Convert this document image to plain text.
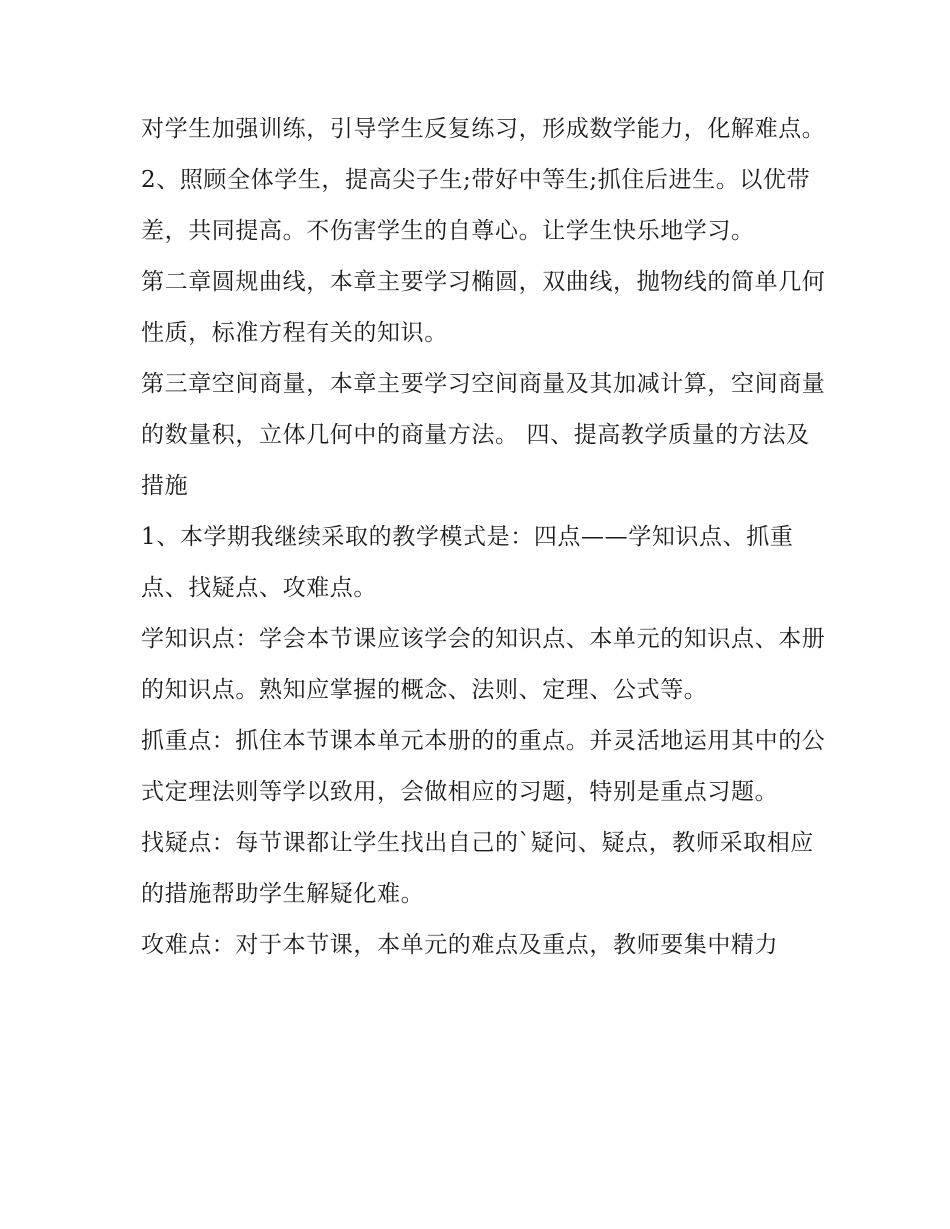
对学生加强训练，引导学生反复练习，形成数学能力，化解难点。

2、照顾全体学生，提高尖子生;带好中等生;抓住后进生。以优带差，共同提高。不伤害学生的自尊心。让学生快乐地学习。

第二章圆规曲线，本章主要学习椭圆，双曲线，抛物线的简单几何性质，标准方程有关的知识。

第三章空间商量，本章主要学习空间商量及其加减计算，空间商量的数量积，立体几何中的商量方法。 四、提高教学质量的方法及措施

1、本学期我继续采取的教学模式是：四点——学知识点、抓重点、找疑点、攻难点。

学知识点：学会本节课应该学会的知识点、本单元的知识点、本册的知识点。熟知应掌握的概念、法则、定理、公式等。

抓重点：抓住本节课本单元本册的的重点。并灵活地运用其中的公式定理法则等学以致用，会做相应的习题，特别是重点习题。

找疑点：每节课都让学生找出自己的`疑问、疑点，教师采取相应的措施帮助学生解疑化难。

攻难点：对于本节课，本单元的难点及重点，教师要集中精力
